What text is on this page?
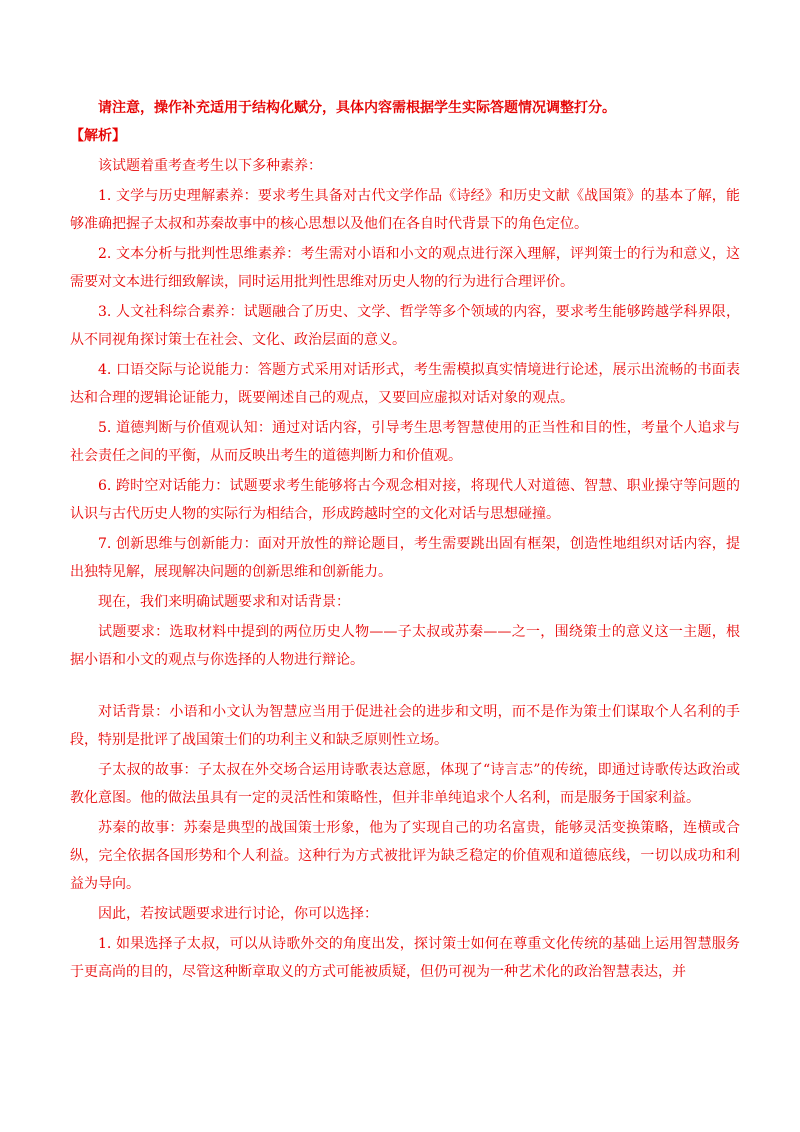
请注意，操作补充适用于结构化赋分，具体内容需根据学生实际答题情况调整打分。

【解析】

该试题着重考查考生以下多种素养：

1. 文学与历史理解素养：要求考生具备对古代文学作品《诗经》和历史文献《战国策》的基本了解，能够准确把握子太叔和苏秦故事中的核心思想以及他们在各自时代背景下的角色定位。

2. 文本分析与批判性思维素养：考生需对小语和小文的观点进行深入理解，评判策士的行为和意义，这需要对文本进行细致解读，同时运用批判性思维对历史人物的行为进行合理评价。

3. 人文社科综合素养：试题融合了历史、文学、哲学等多个领域的内容，要求考生能够跨越学科界限，从不同视角探讨策士在社会、文化、政治层面的意义。

4. 口语交际与论说能力：答题方式采用对话形式，考生需模拟真实情境进行论述，展示出流畅的书面表达和合理的逻辑论证能力，既要阐述自己的观点，又要回应虚拟对话对象的观点。

5. 道德判断与价值观认知：通过对话内容，引导考生思考智慧使用的正当性和目的性，考量个人追求与社会责任之间的平衡，从而反映出考生的道德判断力和价值观。

6. 跨时空对话能力：试题要求考生能够将古今观念相对接，将现代人对道德、智慧、职业操守等问题的认识与古代历史人物的实际行为相结合，形成跨越时空的文化对话与思想碰撞。

7. 创新思维与创新能力：面对开放性的辩论题目，考生需要跳出固有框架，创造性地组织对话内容，提出独特见解，展现解决问题的创新思维和创新能力。

现在，我们来明确试题要求和对话背景：

试题要求：选取材料中提到的两位历史人物——子太叔或苏秦——之一，围绕策士的意义这一主题，根据小语和小文的观点与你选择的人物进行辩论。

对话背景：小语和小文认为智慧应当用于促进社会的进步和文明，而不是作为策士们谋取个人名利的手段，特别是批评了战国策士们的功利主义和缺乏原则性立场。

子太叔的故事：子太叔在外交场合运用诗歌表达意愿，体现了“诗言志”的传统，即通过诗歌传达政治或教化意图。他的做法虽具有一定的灵活性和策略性，但并非单纯追求个人名利，而是服务于国家利益。

苏秦的故事：苏秦是典型的战国策士形象，他为了实现自己的功名富贵，能够灵活变换策略，连横或合纵，完全依据各国形势和个人利益。这种行为方式被批评为缺乏稳定的价值观和道德底线，一切以成功和利益为导向。

因此，若按试题要求进行讨论，你可以选择：

1. 如果选择子太叔，可以从诗歌外交的角度出发，探讨策士如何在尊重文化传统的基础上运用智慧服务于更高尚的目的，尽管这种断章取义的方式可能被质疑，但仍可视为一种艺术化的政治智慧表达，并
